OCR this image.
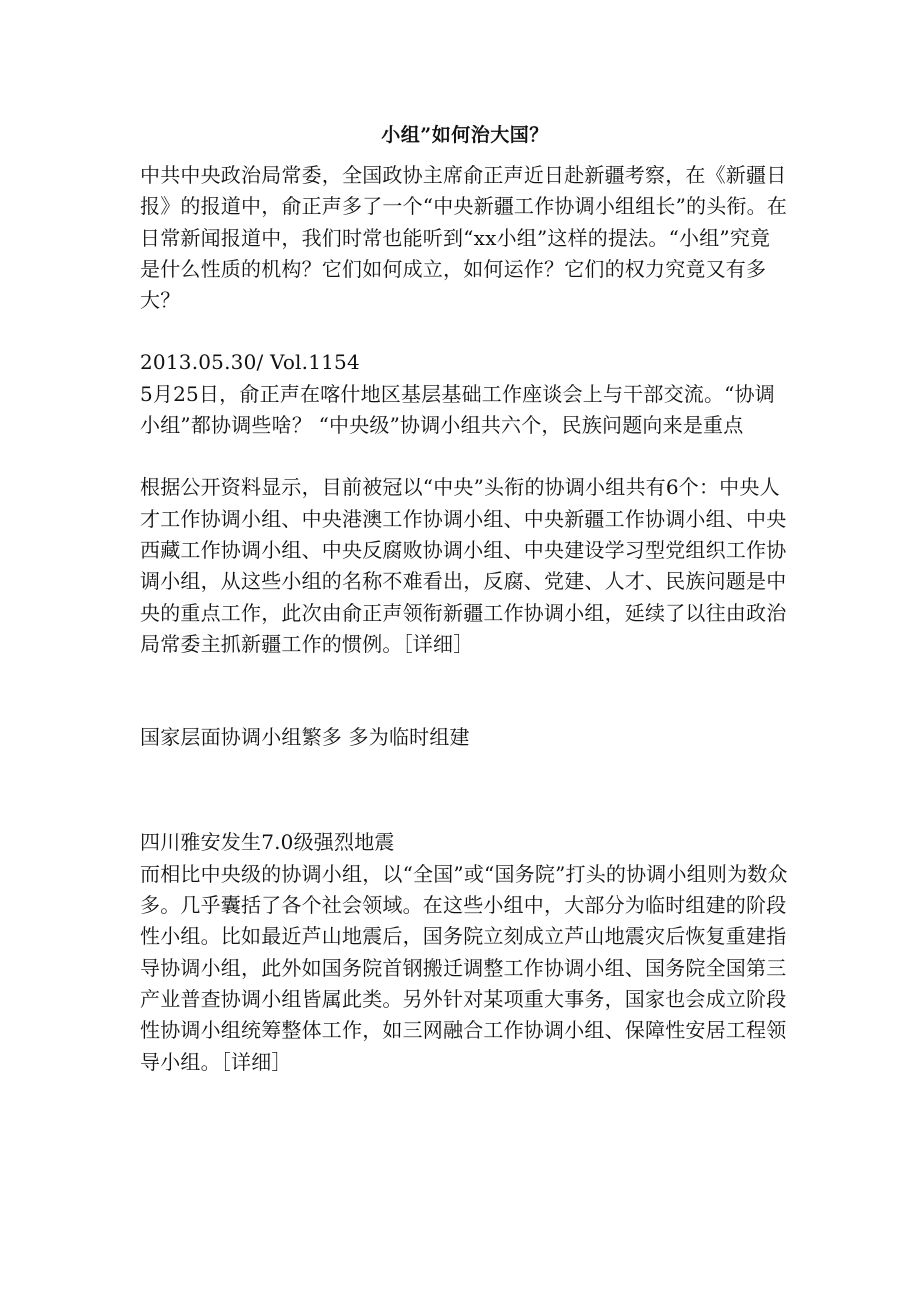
小组”如何治大国？

中共中央政治局常委，全国政协主席俞正声近日赴新疆考察，在《新疆日报》的报道中，俞正声多了一个“中央新疆工作协调小组组长”的头衔。在日常新闻报道中，我们时常也能听到“xx小组”这样的提法。“小组”究竟是什么性质的机构？它们如何成立，如何运作？它们的权力究竟又有多大？

2013.05.30/ Vol.1154

5月25日，俞正声在喀什地区基层基础工作座谈会上与干部交流。“协调小组”都协调些啥？ “中央级”协调小组共六个，民族问题向来是重点

根据公开资料显示，目前被冠以“中央”头衔的协调小组共有6个：中央人才工作协调小组、中央港澳工作协调小组、中央新疆工作协调小组、中央西藏工作协调小组、中央反腐败协调小组、中央建设学习型党组织工作协调小组，从这些小组的名称不难看出，反腐、党建、人才、民族问题是中央的重点工作，此次由俞正声领衔新疆工作协调小组，延续了以往由政治局常委主抓新疆工作的惯例。［详细］

国家层面协调小组繁多 多为临时组建

四川雅安发生7.0级强烈地震

而相比中央级的协调小组，以“全国”或“国务院”打头的协调小组则为数众多。几乎囊括了各个社会领域。在这些小组中，大部分为临时组建的阶段性小组。比如最近芦山地震后，国务院立刻成立芦山地震灾后恢复重建指导协调小组，此外如国务院首钢搬迁调整工作协调小组、国务院全国第三产业普查协调小组皆属此类。另外针对某项重大事务，国家也会成立阶段性协调小组统筹整体工作，如三网融合工作协调小组、保障性安居工程领导小组。［详细］
